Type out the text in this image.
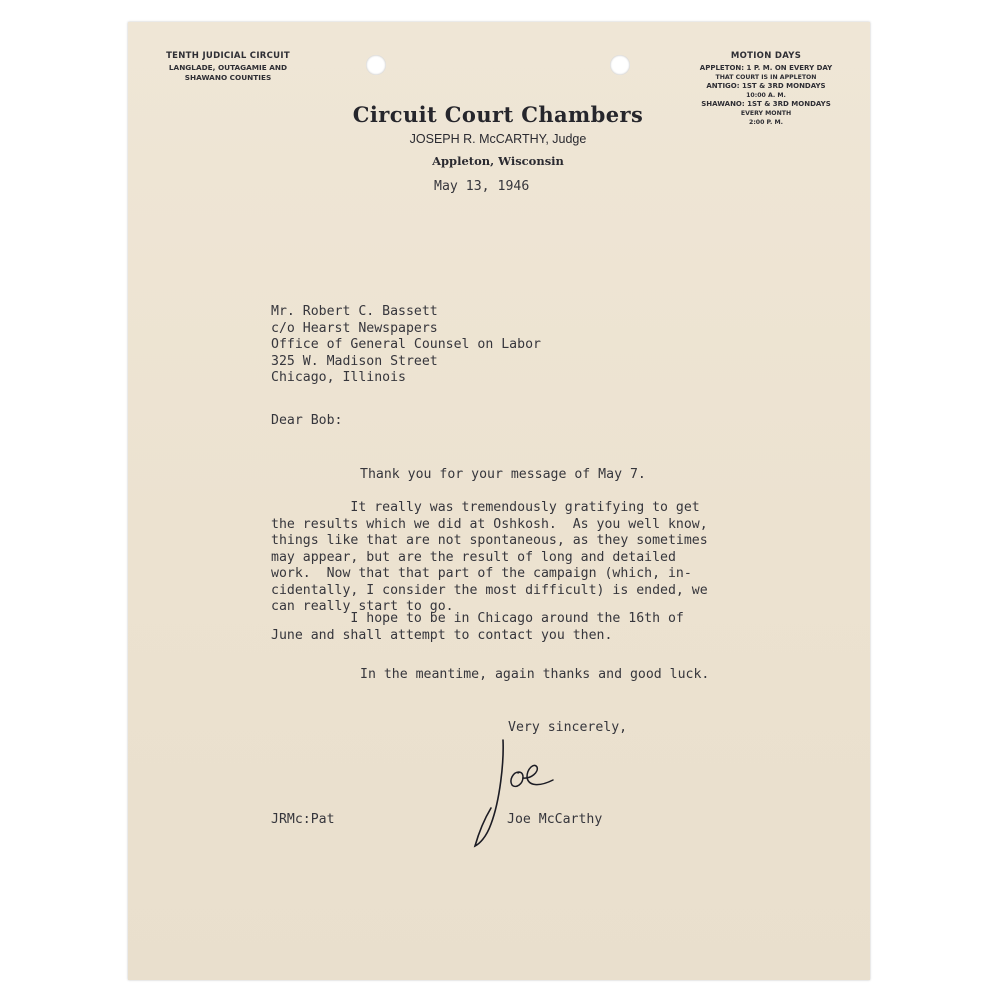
TENTH JUDICIAL CIRCUIT
LANGLADE, OUTAGAMIE AND
SHAWANO COUNTIES
MOTION DAYS
APPLETON: 1 P. M. ON EVERY DAY
THAT COURT IS IN APPLETON
ANTIGO: 1ST & 3RD MONDAYS
10:00 A. M.
SHAWANO: 1ST & 3RD MONDAYS
EVERY MONTH
2:00 P. M.
Circuit Court Chambers
JOSEPH R. McCARTHY, Judge
Appleton, Wisconsin
May 13, 1946
Mr. Robert C. Bassett
c/o Hearst Newspapers
Office of General Counsel on Labor
325 W. Madison Street
Chicago, Illinois
Dear Bob:
Thank you for your message of May 7.
It really was tremendously gratifying to get
the results which we did at Oshkosh.  As you well know,
things like that are not spontaneous, as they sometimes
may appear, but are the result of long and detailed
work.  Now that that part of the campaign (which, in-
cidentally, I consider the most difficult) is ended, we
can really start to go.
I hope to be in Chicago around the 16th of
June and shall attempt to contact you then.
In the meantime, again thanks and good luck.
Very sincerely,
JRMc:Pat	Joe McCarthy
